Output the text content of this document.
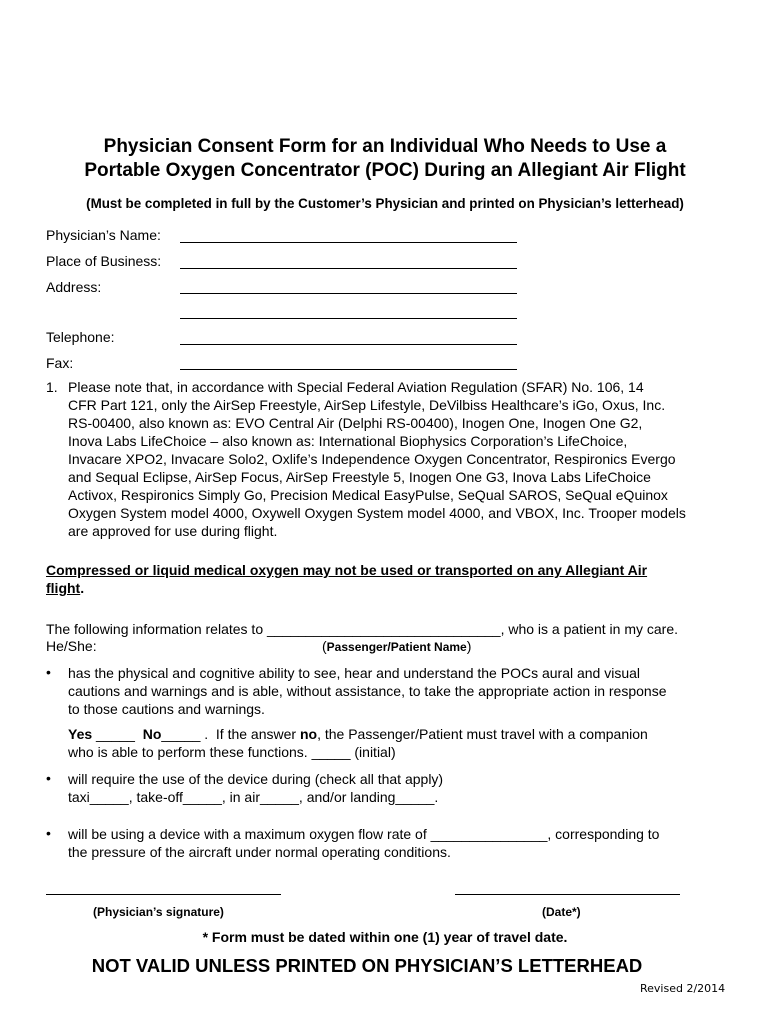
Physician Consent Form for an Individual Who Needs to Use a
Portable Oxygen Concentrator (POC) During an Allegiant Air Flight
(Must be completed in full by the Customer’s Physician and printed on Physician’s letterhead)
Physician’s Name:
Place of Business:
Address:
Telephone:
Fax:
1. Please note that, in accordance with Special Federal Aviation Regulation (SFAR) No. 106, 14
CFR Part 121, only the AirSep Freestyle, AirSep Lifestyle, DeVilbiss Healthcare’s iGo, Oxus, Inc.
RS-00400, also known as: EVO Central Air (Delphi RS-00400), Inogen One, Inogen One G2,
Inova Labs LifeChoice – also known as: International Biophysics Corporation’s LifeChoice,
Invacare XPO2, Invacare Solo2, Oxlife’s Independence Oxygen Concentrator, Respironics Evergo
and Sequal Eclipse, AirSep Focus, AirSep Freestyle 5, Inogen One G3, Inova Labs LifeChoice
Activox, Respironics Simply Go, Precision Medical EasyPulse, SeQual SAROS, SeQual eQuinox
Oxygen System model 4000, Oxywell Oxygen System model 4000, and VBOX, Inc. Trooper models
are approved for use during flight.
Compressed or liquid medical oxygen may not be used or transported on any Allegiant Air
flight.
The following information relates to ______________________________, who is a patient in my care.
He/She:	(Passenger/Patient Name)
• has the physical and cognitive ability to see, hear and understand the POCs aural and visual
cautions and warnings and is able, without assistance, to take the appropriate action in response
to those cautions and warnings.
Yes _____  No_____ .  If the answer no, the Passenger/Patient must travel with a companion
who is able to perform these functions. _____ (initial)
• will require the use of the device during (check all that apply)
taxi_____, take-off_____, in air_____, and/or landing_____.
• will be using a device with a maximum oxygen flow rate of _______________, corresponding to
the pressure of the aircraft under normal operating conditions.
(Physician’s signature)	(Date*)
* Form must be dated within one (1) year of travel date.
NOT VALID UNLESS PRINTED ON PHYSICIAN’S LETTERHEAD
Revised 2/2014
